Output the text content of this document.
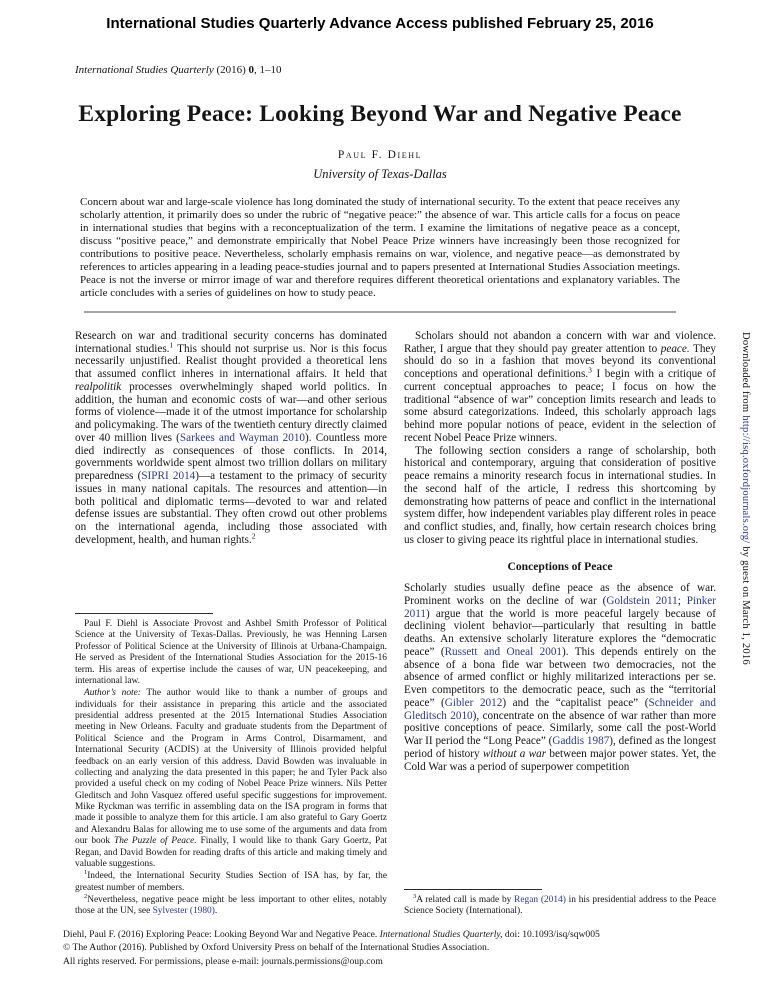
International Studies Quarterly Advance Access published February 25, 2016
International Studies Quarterly (2016) 0, 1–10
Exploring Peace: Looking Beyond War and Negative Peace
Paul F. Diehl
University of Texas-Dallas
Concern about war and large-scale violence has long dominated the study of international security. To the extent that peace receives any scholarly attention, it primarily does so under the rubric of “negative peace:” the absence of war. This article calls for a focus on peace in international studies that begins with a reconceptualization of the term. I examine the limitations of negative peace as a concept, discuss “positive peace,” and demonstrate empirically that Nobel Peace Prize winners have increasingly been those recognized for contributions to positive peace. Nevertheless, scholarly emphasis remains on war, violence, and negative peace—as demonstrated by references to articles appearing in a leading peace-studies journal and to papers presented at International Studies Association meetings. Peace is not the inverse or mirror image of war and therefore requires different theoretical orientations and explanatory variables. The article concludes with a series of guidelines on how to study peace.
Research on war and traditional security concerns has dominated international studies.$^1$ This should not surprise us. Nor is this focus necessarily unjustified. Realist thought provided a theoretical lens that assumed conflict inheres in international affairs. It held that realpolitik processes overwhelmingly shaped world politics. In addition, the human and economic costs of war—and other serious forms of violence—made it of the utmost importance for scholarship and policymaking. The wars of the twentieth century directly claimed over 40 million lives (Sarkees and Wayman 2010). Countless more died indirectly as consequences of those conflicts. In 2014, governments worldwide spent almost two trillion dollars on military preparedness (SIPRI 2014)—a testament to the primacy of security issues in many national capitals. The resources and attention—in both political and diplomatic terms—devoted to war and related defense issues are substantial. They often crowd out other problems on the international agenda, including those associated with development, health, and human rights.$^2$
Paul F. Diehl is Associate Provost and Ashbel Smith Professor of Political Science at the University of Texas-Dallas. Previously, he was Henning Larsen Professor of Political Science at the University of Illinois at Urbana-Champaign. He served as President of the International Studies Association for the 2015-16 term. His areas of expertise include the causes of war, UN peacekeeping, and international law.
Author’s note: The author would like to thank a number of groups and individuals for their assistance in preparing this article and the associated presidential address presented at the 2015 International Studies Association meeting in New Orleans. Faculty and graduate students from the Department of Political Science and the Program in Arms Control, Disarmament, and International Security (ACDIS) at the University of Illinois provided helpful feedback on an early version of this address. David Bowden was invaluable in collecting and analyzing the data presented in this paper; he and Tyler Pack also provided a useful check on my coding of Nobel Peace Prize winners. Nils Petter Gleditsch and John Vasquez offered useful specific suggestions for improvement. Mike Ryckman was terrific in assembling data on the ISA program in forms that made it possible to analyze them for this article. I am also grateful to Gary Goertz and Alexandru Balas for allowing me to use some of the arguments and data from our book The Puzzle of Peace. Finally, I would like to thank Gary Goertz, Pat Regan, and David Bowden for reading drafts of this article and making timely and valuable suggestions.
$^1$Indeed, the International Security Studies Section of ISA has, by far, the greatest number of members.
$^2$Nevertheless, negative peace might be less important to other elites, notably those at the UN, see Sylvester (1980).
Scholars should not abandon a concern with war and violence. Rather, I argue that they should pay greater attention to peace. They should do so in a fashion that moves beyond its conventional conceptions and operational definitions.$^3$ I begin with a critique of current conceptual approaches to peace; I focus on how the traditional “absence of war” conception limits research and leads to some absurd categorizations. Indeed, this scholarly approach lags behind more popular notions of peace, evident in the selection of recent Nobel Peace Prize winners.
The following section considers a range of scholarship, both historical and contemporary, arguing that consideration of positive peace remains a minority research focus in international studies. In the second half of the article, I redress this shortcoming by demonstrating how patterns of peace and conflict in the international system differ, how independent variables play different roles in peace and conflict studies, and, finally, how certain research choices bring us closer to giving peace its rightful place in international studies.
Conceptions of Peace
Scholarly studies usually define peace as the absence of war. Prominent works on the decline of war (Goldstein 2011; Pinker 2011) argue that the world is more peaceful largely because of declining violent behavior—particularly that resulting in battle deaths. An extensive scholarly literature explores the “democratic peace” (Russett and Oneal 2001). This depends entirely on the absence of a bona fide war between two democracies, not the absence of armed conflict or highly militarized interactions per se. Even competitors to the democratic peace, such as the “territorial peace” (Gibler 2012) and the “capitalist peace” (Schneider and Gleditsch 2010), concentrate on the absence of war rather than more positive conceptions of peace. Similarly, some call the post-World War II period the “Long Peace” (Gaddis 1987), defined as the longest period of history without a war between major power states. Yet, the Cold War was a period of superpower competition
$^3$A related call is made by Regan (2014) in his presidential address to the Peace Science Society (International).
Diehl, Paul F. (2016) Exploring Peace: Looking Beyond War and Negative Peace. International Studies Quarterly, doi: 10.1093/isq/sqw005
© The Author (2016). Published by Oxford University Press on behalf of the International Studies Association.
All rights reserved. For permissions, please e-mail: journals.permissions@oup.com
Downloaded from http://isq.oxfordjournals.org/ by guest on March 1, 2016
